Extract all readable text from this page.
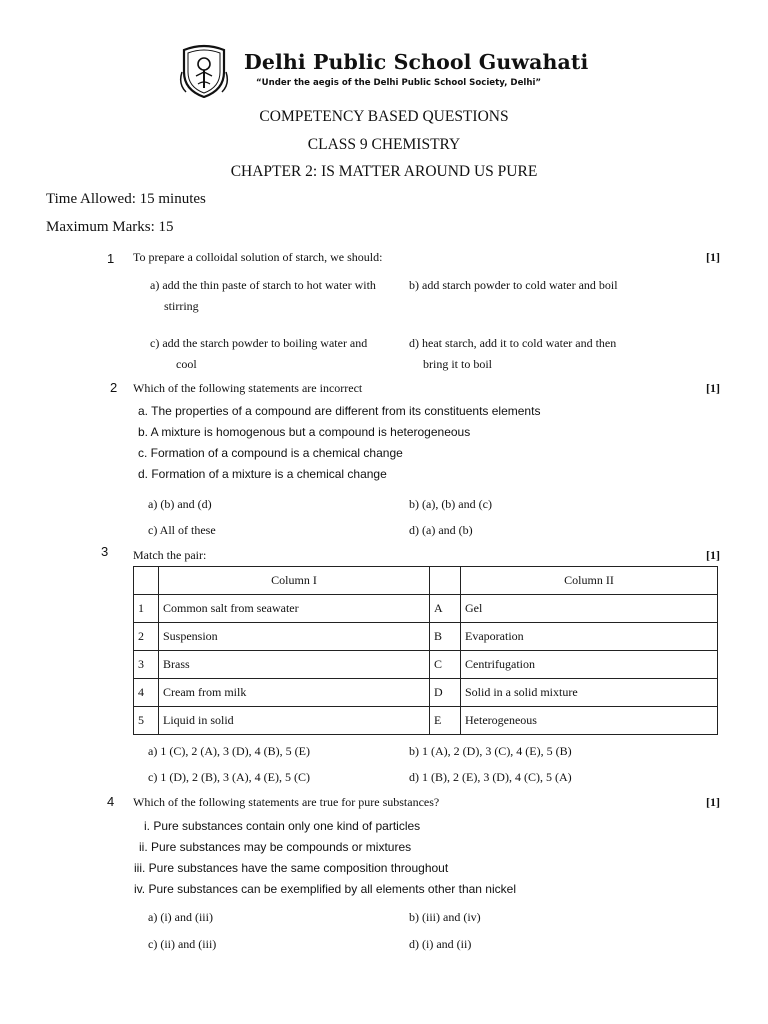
Delhi Public School Guwahati
“Under the aegis of the Delhi Public School Society, Delhi”
COMPETENCY BASED QUESTIONS
CLASS 9 CHEMISTRY
CHAPTER 2: IS MATTER AROUND US PURE
Time Allowed: 15 minutes
Maximum Marks: 15
1 To prepare a colloidal solution of starch, we should:	[1]
a) add the thin paste of starch to hot water with
stirring
b) add starch powder to cold water and boil
c) add the starch powder to boiling water and
cool
d) heat starch, add it to cold water and then
bring it to boil
2 Which of the following statements are incorrect	[1]
a. The properties of a compound are different from its constituents elements
b. A mixture is homogenous but a compound is heterogeneous
c. Formation of a compound is a chemical change
d. Formation of a mixture is a chemical change
a) (b) and (d)	b) (a), (b) and (c)
c) All of these	d) (a) and (b)
3 Match the pair:	[1]
	Column I		Column II
1	Common salt from seawater	A	Gel
2	Suspension	B	Evaporation
3	Brass	C	Centrifugation
4	Cream from milk	D	Solid in a solid mixture
5	Liquid in solid	E	Heterogeneous
a) 1 (C), 2 (A), 3 (D), 4 (B), 5 (E)	b) 1 (A), 2 (D), 3 (C), 4 (E), 5 (B)
c) 1 (D), 2 (B), 3 (A), 4 (E), 5 (C)	d) 1 (B), 2 (E), 3 (D), 4 (C), 5 (A)
4 Which of the following statements are true for pure substances?	[1]
i. Pure substances contain only one kind of particles
ii. Pure substances may be compounds or mixtures
iii. Pure substances have the same composition throughout
iv. Pure substances can be exemplified by all elements other than nickel
a) (i) and (iii)	b) (iii) and (iv)
c) (ii) and (iii)	d) (i) and (ii)
